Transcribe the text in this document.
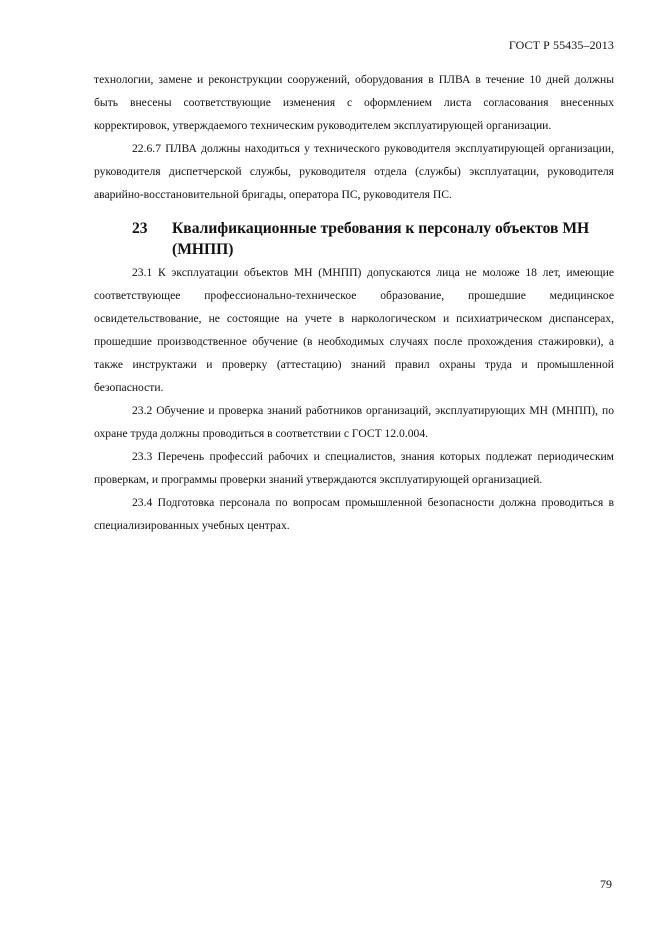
ГОСТ Р 55435–2013

технологии, замене и реконструкции сооружений, оборудования в ПЛВА в течение 10 дней должны быть внесены соответствующие изменения с оформлением листа согласования внесенных корректировок, утверждаемого техническим руководителем эксплуатирующей организации.

22.6.7 ПЛВА должны находиться у технического руководителя эксплуатирующей организации, руководителя диспетчерской службы, руководителя отдела (службы) эксплуатации, руководителя аварийно-восстановительной бригады, оператора ПС, руководителя ПС.

23	Квалификационные требования к персоналу объектов МН (МНПП)

23.1 К эксплуатации объектов МН (МНПП) допускаются лица не моложе 18 лет, имеющие соответствующее профессионально-техническое образование, прошедшие медицинское освидетельствование, не состоящие на учете в наркологическом и психиатрическом диспансерах, прошедшие производственное обучение (в необходимых случаях после прохождения стажировки), а также инструктажи и проверку (аттестацию) знаний правил охраны труда и промышленной безопасности.

23.2 Обучение и проверка знаний работников организаций, эксплуатирующих МН (МНПП), по охране труда должны проводиться в соответствии с ГОСТ 12.0.004.

23.3 Перечень профессий рабочих и специалистов, знания которых подлежат периодическим проверкам, и программы проверки знаний утверждаются эксплуатирующей организацией.

23.4 Подготовка персонала по вопросам промышленной безопасности должна проводиться в специализированных учебных центрах.

79
